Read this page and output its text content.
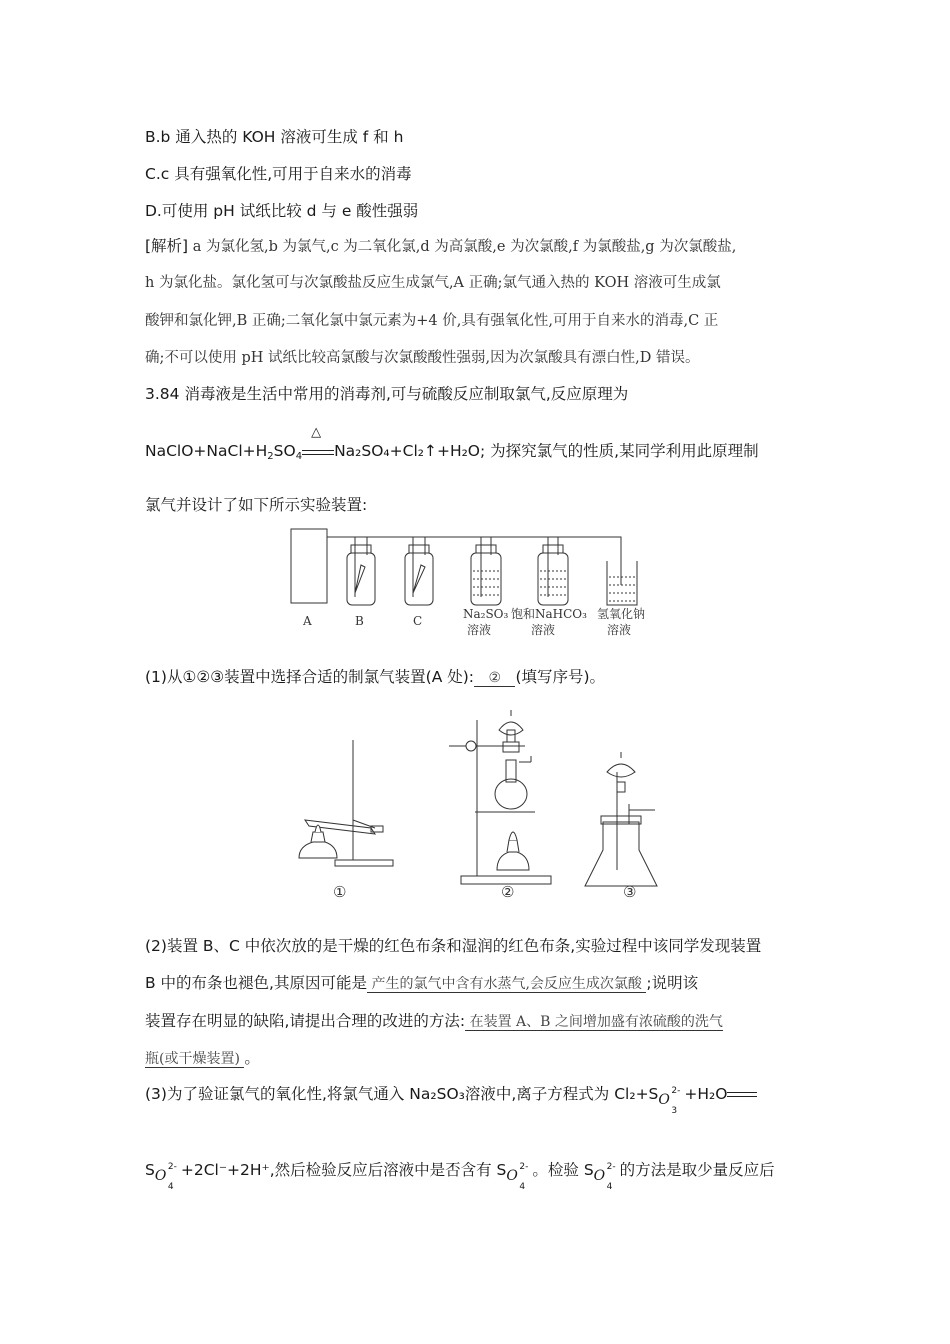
B.b 通入热的 KOH 溶液可生成 f 和 h
C.c 具有强氧化性,可用于自来水的消毒
D.可使用 pH 试纸比较 d 与 e 酸性强弱
[解析] a 为氯化氢,b 为氯气,c 为二氧化氯,d 为高氯酸,e 为次氯酸,f 为氯酸盐,g 为次氯酸盐,
h 为氯化盐。氯化氢可与次氯酸盐反应生成氯气,A 正确;氯气通入热的 KOH 溶液可生成氯
酸钾和氯化钾,B 正确;二氧化氯中氯元素为+4 价,具有强氧化性,可用于自来水的消毒,C 正
确;不可以使用 pH 试纸比较高氯酸与次氯酸酸性强弱,因为次氯酸具有漂白性,D 错误。
3.84 消毒液是生活中常用的消毒剂,可与硫酸反应制取氯气,反应原理为
$NaClO+NaCl+H_2SO_4$
△
Na₂SO₄+Cl₂↑+H₂O; 为探究氯气的性质,某同学利用此原理制
氯气并设计了如下所示实验装置:
A	B	C	Na₂SO₃
溶液
饱和NaHCO₃
溶液
氢氧化钠
溶液
(1)从①②③装置中选择合适的制氯气装置(A 处): ② (填写序号)。
①	②	③
(2)装置 B、C 中依次放的是干燥的红色布条和湿润的红色布条,实验过程中该同学发现装置
B 中的布条也褪色,其原因可能是 产生的氯气中含有水蒸气,会反应生成次氯酸 ;说明该
装置存在明显的缺陷,请提出合理的改进的方法: 在装置 A、B 之间增加盛有浓硫酸的洗气
瓶(或干燥装置) 。
(3)为了验证氯气的氧化性,将氯气通入 Na₂SO₃溶液中,离子方程式为 Cl₂+S O
2-
3
+H₂O
S O
2-
4
+2Cl⁻+2H⁺,然后检验反应后溶液中是否含有 S O
2-
4
。检验 S O
2-
4
的方法是取少量反应后
